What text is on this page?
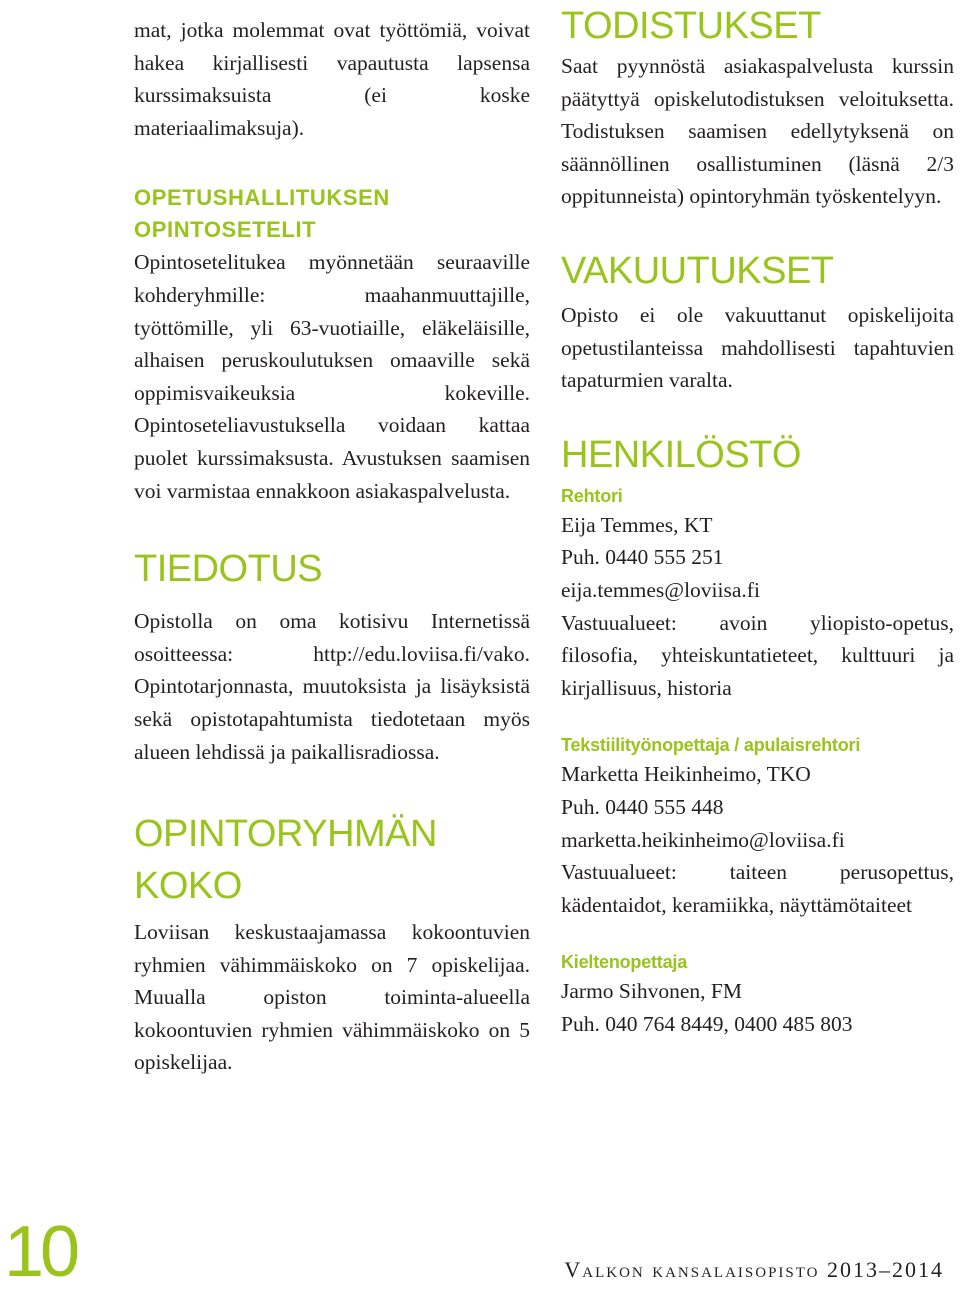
mat, jotka molemmat ovat työttömiä, voivat hakea kirjallisesti vapautusta lapsensa kurssimaksuista (ei koske materiaalimaksuja).

OPETUSHALLITUKSEN
OPINTOSETELIT

Opintosetelitukea myönnetään seuraaville kohderyhmille: maahanmuuttajille, työttömille, yli 63-vuotiaille, eläkeläisille, alhaisen peruskoulutuksen omaaville sekä oppimisvaikeuksia kokeville. Opintoseteliavustuksella voidaan kattaa puolet kurssimaksusta. Avustuksen saamisen voi varmistaa ennakkoon asiakaspalvelusta.

TIEDOTUS

Opistolla on oma kotisivu Internetissä osoitteessa: http://edu.loviisa.fi/vako. Opintotarjonnasta, muutoksista ja lisäyksistä sekä opistotapahtumista tiedotetaan myös alueen lehdissä ja paikallisradiossa.

OPINTORYHMÄN
KOKO

Loviisan keskustaajamassa kokoontuvien ryhmien vähimmäiskoko on 7 opiskelijaa. Muualla opiston toiminta-alueella kokoontuvien ryhmien vähimmäiskoko on 5 opiskelijaa.

TODISTUKSET

Saat pyynnöstä asiakaspalvelusta kurssin päätyttyä opiskelutodistuksen veloituksetta. Todistuksen saamisen edellytyksenä on säännöllinen osallistuminen (läsnä 2/3 oppitunneista) opintoryhmän työskentelyyn.

VAKUUTUKSET

Opisto ei ole vakuuttanut opiskelijoita opetustilanteissa mahdollisesti tapahtuvien tapaturmien varalta.

HENKILÖSTÖ
Rehtori
Eija Temmes, KT
Puh. 0440 555 251
eija.temmes@loviisa.fi

Vastuualueet: avoin yliopisto-opetus, filosofia, yhteiskuntatieteet, kulttuuri ja kirjallisuus, historia

Tekstiilityönopettaja / apulaisrehtori
Marketta Heikinheimo, TKO
Puh. 0440 555 448
marketta.heikinheimo@loviisa.fi

Vastuualueet: taiteen perusopettus, kädentaidot, keramiikka, näyttämötaiteet

Kieltenopettaja
Jarmo Sihvonen, FM
Puh. 040 764 8449, 0400 485 803
10	Valkon kansalaisopisto 2013–2014
